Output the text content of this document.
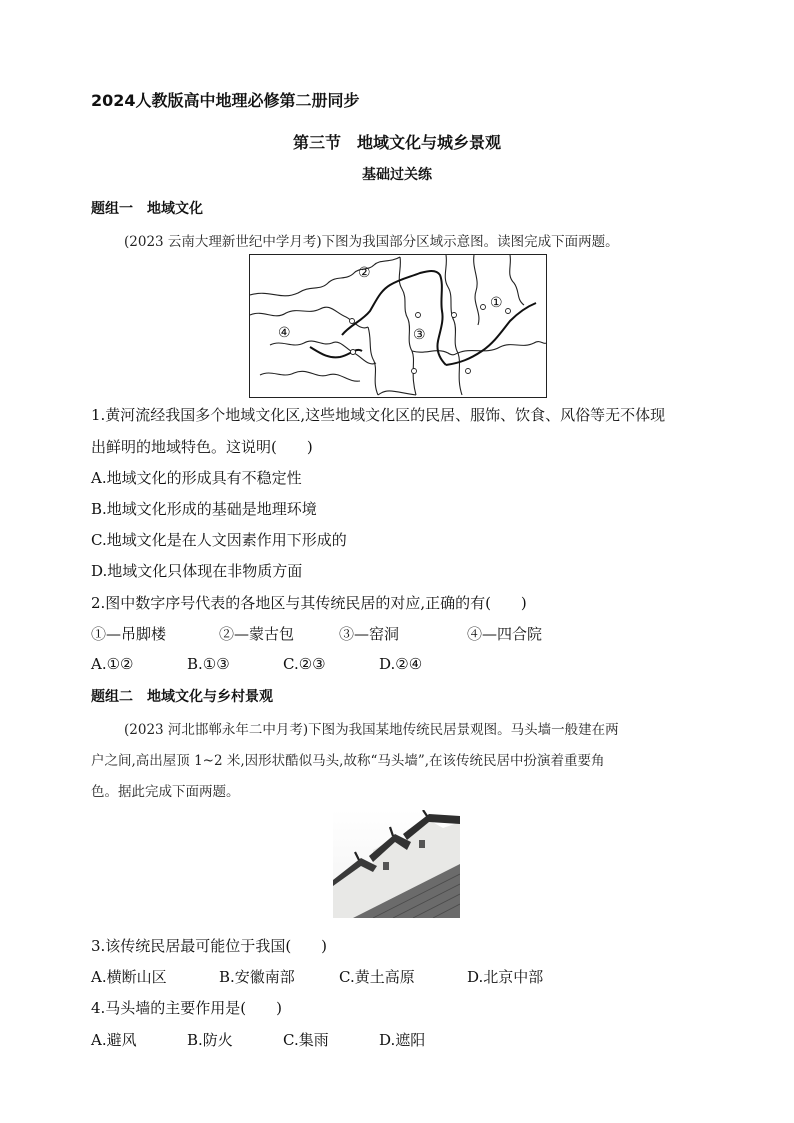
2024人教版高中地理必修第二册同步
第三节　地域文化与城乡景观
基础过关练
题组一　地域文化
(2023 云南大理新世纪中学月考)下图为我国部分区域示意图。读图完成下面两题。
②
①
④	③
1.黄河流经我国多个地域文化区,这些地域文化区的民居、服饰、饮食、风俗等无不体现
出鲜明的地域特色。这说明(　　)
A.地域文化的形成具有不稳定性
B.地域文化形成的基础是地理环境
C.地域文化是在人文因素作用下形成的
D.地域文化只体现在非物质方面
2.图中数字序号代表的各地区与其传统民居的对应,正确的有(　　)
①—吊脚楼	②—蒙古包	③—窑洞	④—四合院
A.①②	B.①③	C.②③	D.②④
题组二　地域文化与乡村景观
(2023 河北邯郸永年二中月考)下图为我国某地传统民居景观图。马头墙一般建在两
户之间,高出屋顶 1~2 米,因形状酷似马头,故称“马头墙”,在该传统民居中扮演着重要角
色。据此完成下面两题。
3.该传统民居最可能位于我国(　　)
A.横断山区	B.安徽南部	C.黄土高原	D.北京中部
4.马头墙的主要作用是(　　)
A.避风	B.防火	C.集雨	D.遮阳
